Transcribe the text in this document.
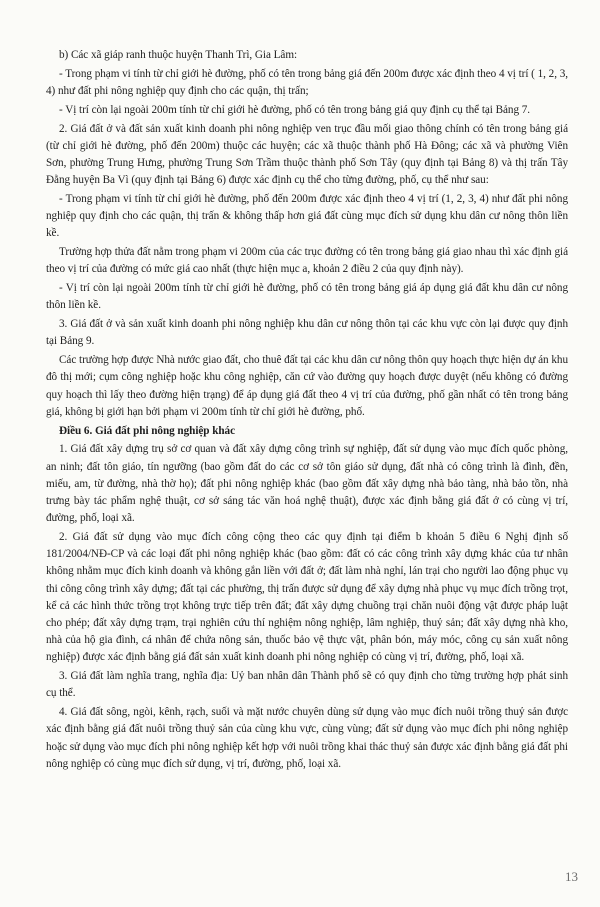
b) Các xã giáp ranh thuộc huyện Thanh Trì, Gia Lâm:

- Trong phạm vi tính từ chỉ giới hè đường, phố có tên trong bảng giá đến 200m được xác định theo 4 vị trí ( 1, 2, 3, 4) như đất phi nông nghiệp quy định cho các quận, thị trấn;

- Vị trí còn lại ngoài 200m tính từ chỉ giới hè đường, phố có tên trong bảng giá quy định cụ thể tại Bảng 7.

2. Giá đất ở và đất sản xuất kinh doanh phi nông nghiệp ven trục đầu mối giao thông chính có tên trong bảng giá (từ chỉ giới hè đường, phố đến 200m) thuộc các huyện; các xã thuộc thành phố Hà Đông; các xã và phường Viên Sơn, phường Trung Hưng, phường Trung Sơn Trầm thuộc thành phố Sơn Tây (quy định tại Bảng 8) và thị trấn Tây Đằng huyện Ba Vì (quy định tại Bảng 6) được xác định cụ thể cho từng đường, phố, cụ thể như sau:

- Trong phạm vi tính từ chỉ giới hè đường, phố đến 200m được xác định theo 4 vị trí (1, 2, 3, 4) như đất phi nông nghiệp quy định cho các quận, thị trấn & không thấp hơn giá đất cùng mục đích sử dụng khu dân cư nông thôn liền kề.

Trường hợp thửa đất nằm trong phạm vi 200m của các trục đường có tên trong bảng giá giao nhau thì xác định giá theo vị trí của đường có mức giá cao nhất (thực hiện mục a, khoản 2 điều 2 của quy định này).

- Vị trí còn lại ngoài 200m tính từ chỉ giới hè đường, phố có tên trong bảng giá áp dụng giá đất khu dân cư nông thôn liền kề.

3. Giá đất ở và sản xuất kinh doanh phi nông nghiệp khu dân cư nông thôn tại các khu vực còn lại được quy định tại Bảng 9.

Các trường hợp được Nhà nước giao đất, cho thuê đất tại các khu dân cư nông thôn quy hoạch thực hiện dự án khu đô thị mới; cụm công nghiệp hoặc khu công nghiệp, căn cứ vào đường quy hoạch được duyệt (nếu không có đường quy hoạch thì lấy theo đường hiện trạng) để áp dụng giá đất theo 4 vị trí của đường, phố gần nhất có tên trong bảng giá, không bị giới hạn bởi phạm vi 200m tính từ chỉ giới hè đường, phố.

Điều 6. Giá đất phi nông nghiệp khác

1. Giá đất xây dựng trụ sở cơ quan và đất xây dựng công trình sự nghiệp, đất sử dụng vào mục đích quốc phòng, an ninh; đất tôn giáo, tín ngưỡng (bao gồm đất do các cơ sở tôn giáo sử dụng, đất nhà có công trình là đình, đền, miếu, am, từ đường, nhà thờ họ); đất phi nông nghiệp khác (bao gồm đất xây dựng nhà bảo tàng, nhà bảo tồn, nhà trưng bày tác phẩm nghệ thuật, cơ sở sáng tác văn hoá nghệ thuật), được xác định bằng giá đất ở có cùng vị trí, đường, phố, loại xã.

2. Giá đất sử dụng vào mục đích công cộng theo các quy định tại điểm b khoản 5 điều 6 Nghị định số 181/2004/NĐ-CP và các loại đất phi nông nghiệp khác (bao gồm: đất có các công trình xây dựng khác của tư nhân không nhằm mục đích kinh doanh và không gắn liền với đất ở; đất làm nhà nghỉ, lán trại cho người lao động phục vụ thi công công trình xây dựng; đất tại các phường, thị trấn được sử dụng để xây dựng nhà phục vụ mục đích trồng trọt, kể cả các hình thức trồng trọt không trực tiếp trên đất; đất xây dựng chuồng trại chăn nuôi động vật được pháp luật cho phép; đất xây dựng trạm, trại nghiên cứu thí nghiệm nông nghiệp, lâm nghiệp, thuỷ sản; đất xây dựng nhà kho, nhà của hộ gia đình, cá nhân để chứa nông sản, thuốc bảo vệ thực vật, phân bón, máy móc, công cụ sản xuất nông nghiệp) được xác định bằng giá đất sản xuất kinh doanh phi nông nghiệp có cùng vị trí, đường, phố, loại xã.

3. Giá đất làm nghĩa trang, nghĩa địa: Uỷ ban nhân dân Thành phố sẽ có quy định cho từng trường hợp phát sinh cụ thể.

4. Giá đất sông, ngòi, kênh, rạch, suối và mặt nước chuyên dùng sử dụng vào mục đích nuôi trồng thuỷ sản được xác định bằng giá đất nuôi trồng thuỷ sản của cùng khu vực, cùng vùng; đất sử dụng vào mục đích phi nông nghiệp hoặc sử dụng vào mục đích phi nông nghiệp kết hợp với nuôi trồng khai thác thuỷ sản được xác định bằng giá đất phi nông nghiệp có cùng mục đích sử dụng, vị trí, đường, phố, loại xã.

13
